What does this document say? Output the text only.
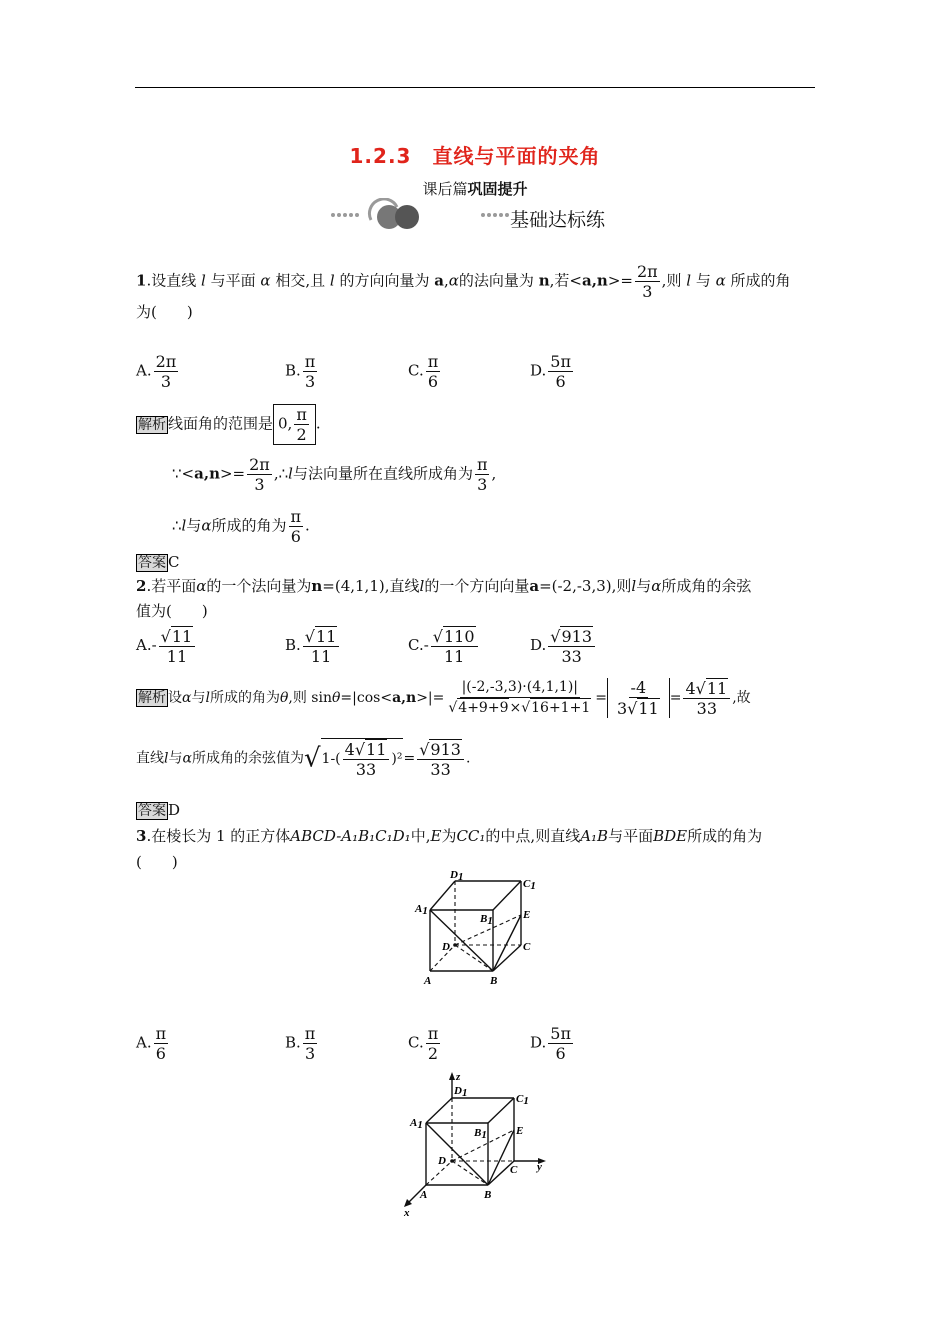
1.2.3　直线与平面的夹角
课后篇巩固提升
基础达标练
1.设直线 l 与平面 α 相交,且 l 的方向向量为 a,α的法向量为 n,若$<a,n>= \frac{2\pi}{3}$ ,则 l 与 α 所成的角
为(　　)
A. $\frac{2\pi}{3}$	B. $\frac{\pi}{3}$	C. $\frac{\pi}{6}$	D. $\frac{5\pi}{6}$
解析 线面角的范围是 0, $\frac{\pi}{2}$ .
∵<a,n>= $\frac{2\pi}{3}$ ,∴l与法向量所在直线所成角为 $\frac{\pi}{3}$ ,
∴l与α所成的角为 $\frac{\pi}{6}$ .
答案 C
2.若平面α的一个法向量为n=(4,1,1),直线l的一个方向向量a=(-2,-3,3),则l与α所成角的余弦
值为(　　)
$A.- \frac{√11}{11}$	B. $\frac{√11}{11}$	$C.- \frac{√110}{11}$	D. $\frac{√913}{33}$
解析 设α与l所成的角为θ,则 $\sin\theta=|\cos<a,n>|= \frac{|(-2,-3,3)\cdot(4,1,1)|}{√4+9+9\times√16+1+1} = \frac{-4}{3√11} = \frac{4√11}{33}$ ,故
直线l与α所成角的余弦值为$√1-( \frac{4√11}{33} )^2= \frac{√913}{33}$ .
答案 D
3.在棱长为 1 的正方体ABCD-A₁B₁C₁D₁中,E为CC₁的中点,则直线A₁B与平面BDE所成的角为
(　　)
D1
C1
A1
B1	E
D	C
A	B
A. $\frac{\pi}{6}$	B. $\frac{\pi}{3}$	C. $\frac{\pi}{2}$	D. $\frac{5\pi}{6}$
z
y
x
D1	C1
A1
B1	E
D
C
A	B
